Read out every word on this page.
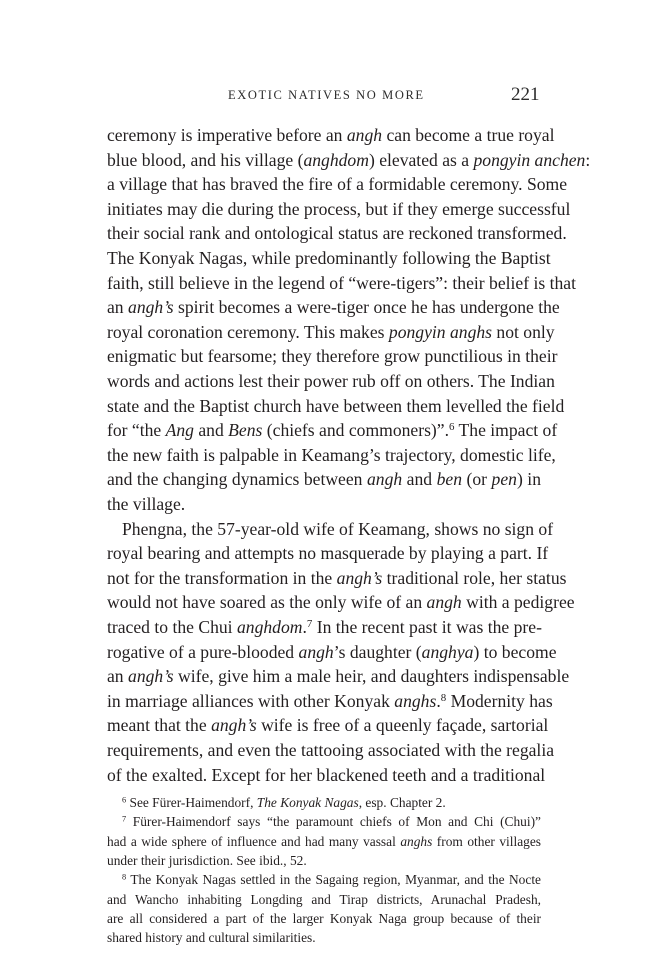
EXOTIC NATIVES NO MORE	221
ceremony is imperative before an angh can become a true royal
blue blood, and his village (anghdom) elevated as a pongyin anchen:
a village that has braved the fire of a formidable ceremony. Some
initiates may die during the process, but if they emerge successful
their social rank and ontological status are reckoned transformed.
The Konyak Nagas, while predominantly following the Baptist
faith, still believe in the legend of “were-tigers”: their belief is that
an angh’s spirit becomes a were-tiger once he has undergone the
royal coronation ceremony. This makes pongyin anghs not only
enigmatic but fearsome; they therefore grow punctilious in their
words and actions lest their power rub off on others. The Indian
state and the Baptist church have between them levelled the field
for “the Ang and Bens (chiefs and commoners)”.$^6$ The impact of
the new faith is palpable in Keamang’s trajectory, domestic life,
and the changing dynamics between angh and ben (or pen) in
the village.
Phengna, the 57-year-old wife of Keamang, shows no sign of
royal bearing and attempts no masquerade by playing a part. If
not for the transformation in the angh’s traditional role, her status
would not have soared as the only wife of an angh with a pedigree
traced to the Chui anghdom.$^7$ In the recent past it was the pre-
rogative of a pure-blooded angh’s daughter (anghya) to become
an angh’s wife, give him a male heir, and daughters indispensable
in marriage alliances with other Konyak anghs.$^8$ Modernity has
meant that the angh’s wife is free of a queenly façade, sartorial
requirements, and even the tattooing associated with the regalia
of the exalted. Except for her blackened teeth and a traditional
$^6$ See Fürer-Haimendorf, The Konyak Nagas, esp. Chapter 2.
$^7$ Fürer-Haimendorf says “the paramount chiefs of Mon and Chi (Chui)”
had a wide sphere of influence and had many vassal anghs from other villages
under their jurisdiction. See ibid., 52.
$^8$ The Konyak Nagas settled in the Sagaing region, Myanmar, and the Nocte
and Wancho inhabiting Longding and Tirap districts, Arunachal Pradesh,
are all considered a part of the larger Konyak Naga group because of their
shared history and cultural similarities.
